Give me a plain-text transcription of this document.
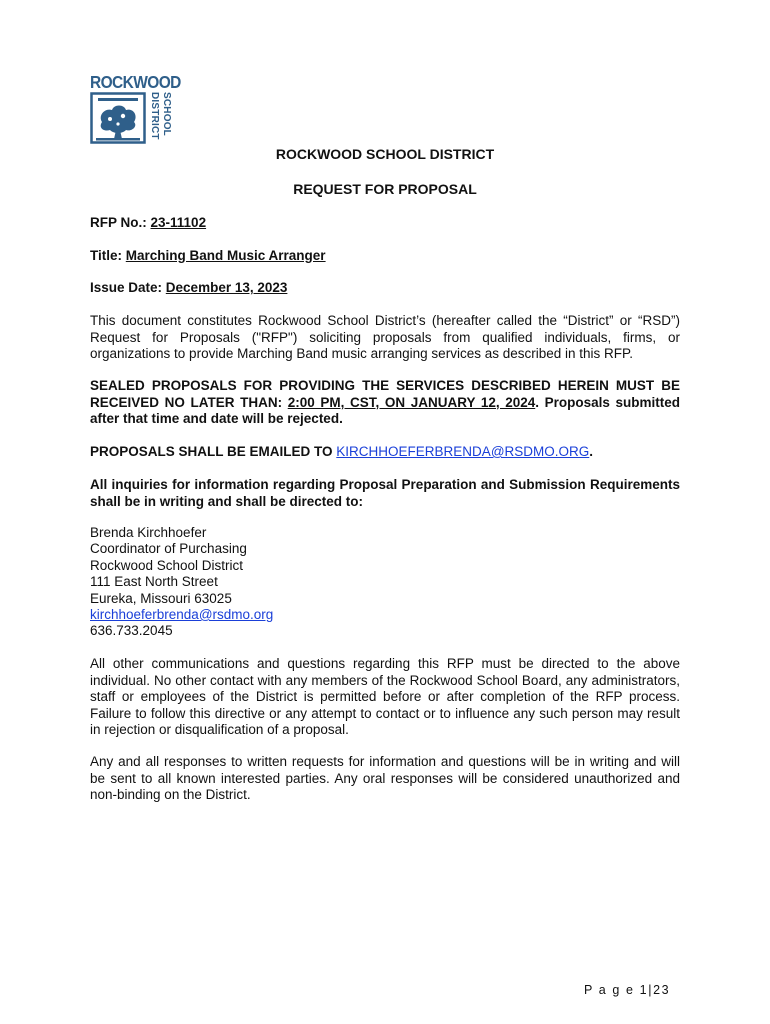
ROCKWOOD
SCHOOL
DISTRICT
ROCKWOOD SCHOOL DISTRICT
REQUEST FOR PROPOSAL
RFP No.: 23-11102
Title: Marching Band Music Arranger
Issue Date: December 13, 2023
This document constitutes Rockwood School District’s (hereafter called the “District” or “RSD”) Request for Proposals ("RFP") soliciting proposals from qualified individuals, firms, or organizations to provide Marching Band music arranging services as described in this RFP.
SEALED PROPOSALS FOR PROVIDING THE SERVICES DESCRIBED HEREIN MUST BE RECEIVED NO LATER THAN: 2:00 PM, CST, ON JANUARY 12, 2024. Proposals submitted after that time and date will be rejected.
PROPOSALS SHALL BE EMAILED TO KIRCHHOEFERBRENDA@RSDMO.ORG.
All inquiries for information regarding Proposal Preparation and Submission Requirements shall be in writing and shall be directed to:
Brenda Kirchhoefer
Coordinator of Purchasing
Rockwood School District
111 East North Street
Eureka, Missouri 63025
kirchhoeferbrenda@rsdmo.org
636.733.2045
All other communications and questions regarding this RFP must be directed to the above individual. No other contact with any members of the Rockwood School Board, any administrators, staff or employees of the District is permitted before or after completion of the RFP process. Failure to follow this directive or any attempt to contact or to influence any such person may result in rejection or disqualification of a proposal.
Any and all responses to written requests for information and questions will be in writing and will be sent to all known interested parties. Any oral responses will be considered unauthorized and non-binding on the District.
P a g e 1|23
